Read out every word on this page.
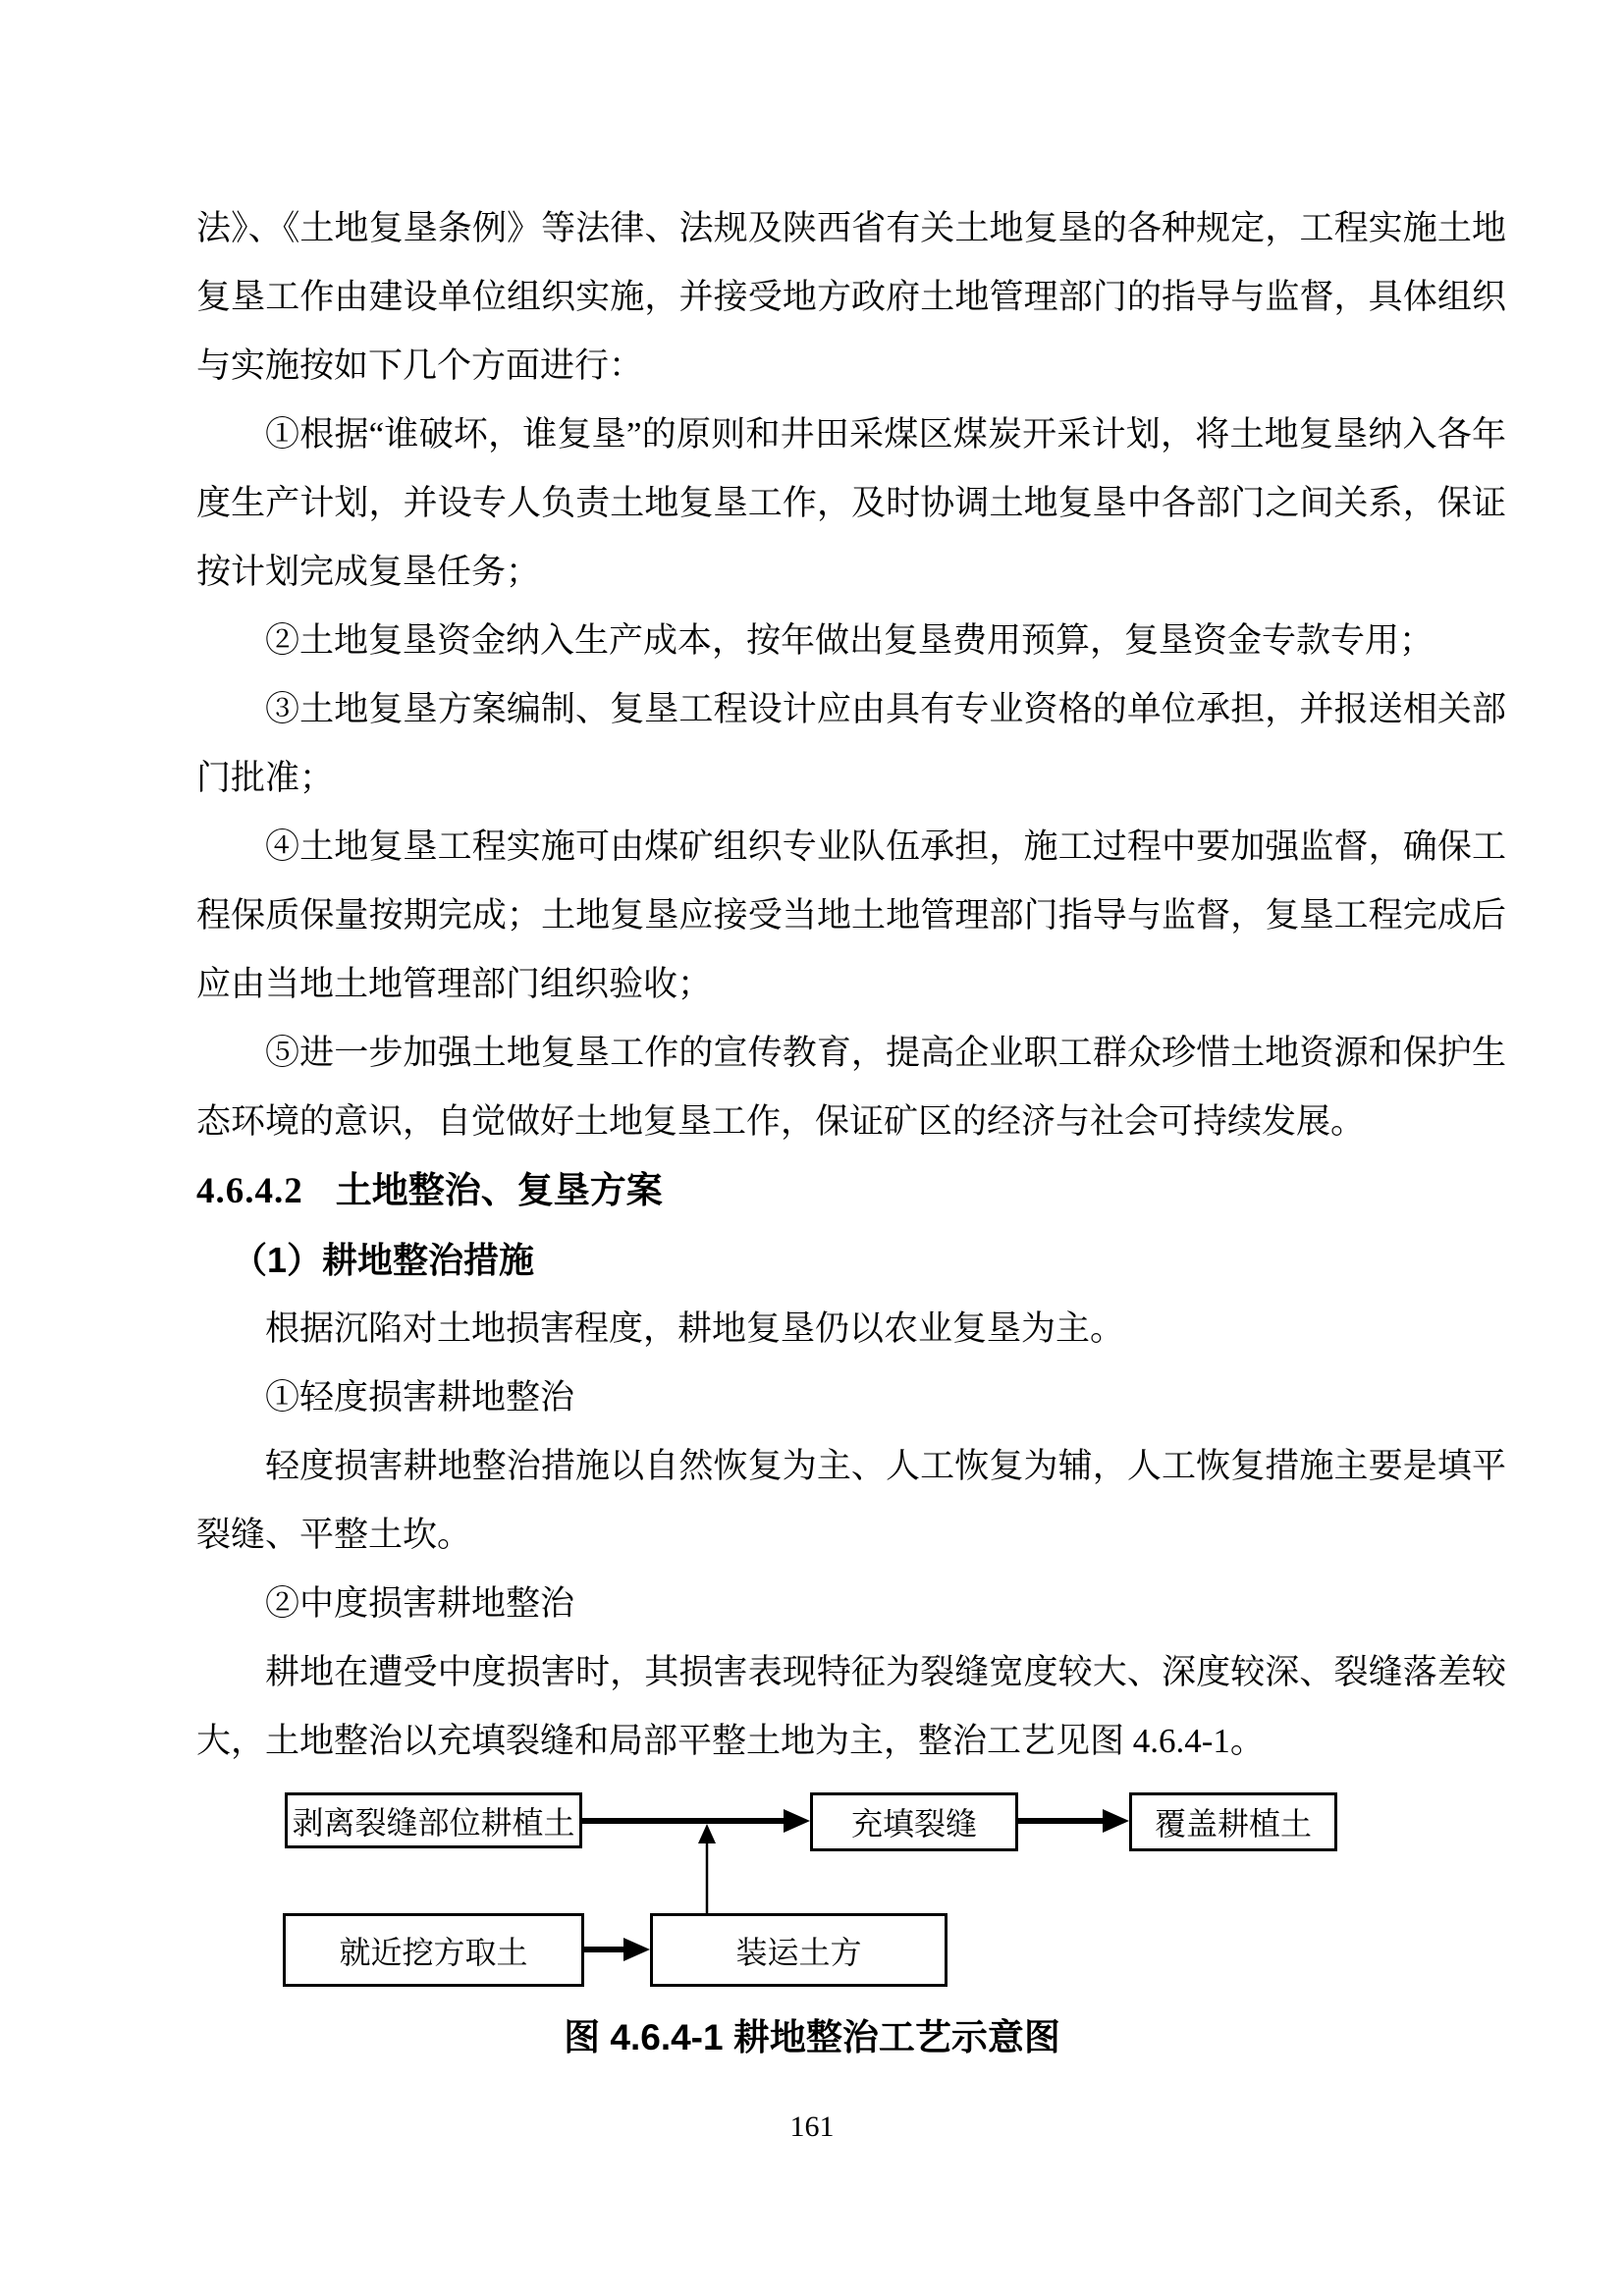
法》、《土地复垦条例》等法律、法规及陕西省有关土地复垦的各种规定，工程实施土地复垦工作由建设单位组织实施，并接受地方政府土地管理部门的指导与监督，具体组织与实施按如下几个方面进行：

①根据“谁破坏，谁复垦”的原则和井田采煤区煤炭开采计划，将土地复垦纳入各年度生产计划，并设专人负责土地复垦工作，及时协调土地复垦中各部门之间关系，保证按计划完成复垦任务；

②土地复垦资金纳入生产成本，按年做出复垦费用预算，复垦资金专款专用；

③土地复垦方案编制、复垦工程设计应由具有专业资格的单位承担，并报送相关部门批准；

④土地复垦工程实施可由煤矿组织专业队伍承担，施工过程中要加强监督，确保工程保质保量按期完成；土地复垦应接受当地土地管理部门指导与监督，复垦工程完成后应由当地土地管理部门组织验收；

⑤进一步加强土地复垦工作的宣传教育，提高企业职工群众珍惜土地资源和保护生态环境的意识，自觉做好土地复垦工作，保证矿区的经济与社会可持续发展。

4.6.4.2 土地整治、复垦方案
（1）耕地整治措施

根据沉陷对土地损害程度，耕地复垦仍以农业复垦为主。

①轻度损害耕地整治

轻度损害耕地整治措施以自然恢复为主、人工恢复为辅，人工恢复措施主要是填平裂缝、平整土坎。

②中度损害耕地整治

耕地在遭受中度损害时，其损害表现特征为裂缝宽度较大、深度较深、裂缝落差较大，土地整治以充填裂缝和局部平整土地为主，整治工艺见图 4.6.4-1。

剥离裂缝部位耕植土	充填裂缝	覆盖耕植土
就近挖方取土	装运土方
图 4.6.4-1 耕地整治工艺示意图
161
